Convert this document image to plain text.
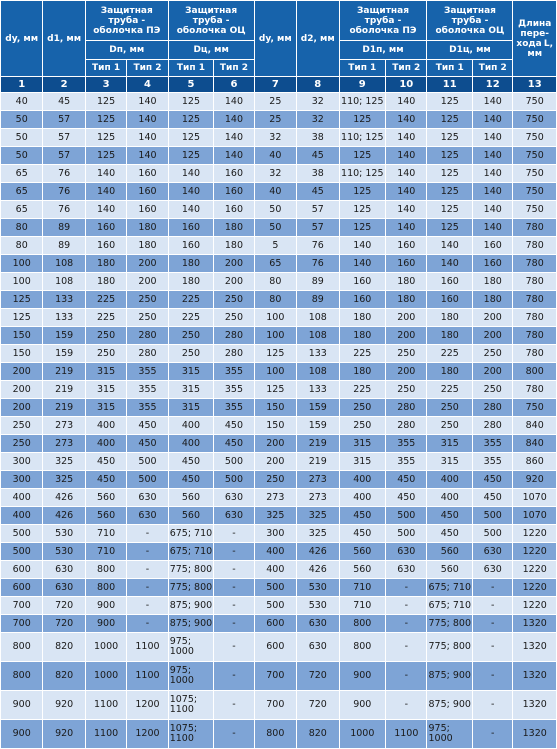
dy, мм	d1, мм	Защитная труба - оболочка ПЭ		Защитная труба - оболочка ОЦ		dy, мм	d2, мм	Защитная труба - оболочка ПЭ		Защитная труба - оболочка ОЦ		Длина пере- хода L, мм
		Dп, мм		Dц, мм				D1п, мм		D1ц, мм		
		Тип 1	Тип 2	Тип 1	Тип 2			Тип 1	Тип 2	Тип 1	Тип 2	
1	2	3	4	5	6	7	8	9	10	11	12	13
40	45	125	140	125	140	25	32	110; 125	140	125	140	750
50	57	125	140	125	140	25	32	125	140	125	140	750
50	57	125	140	125	140	32	38	110; 125	140	125	140	750
50	57	125	140	125	140	40	45	125	140	125	140	750
65	76	140	160	140	160	32	38	110; 125	140	125	140	750
65	76	140	160	140	160	40	45	125	140	125	140	750
65	76	140	160	140	160	50	57	125	140	125	140	750
80	89	160	180	160	180	50	57	125	140	125	140	780
80	89	160	180	160	180	5	76	140	160	140	160	780
100	108	180	200	180	200	65	76	140	160	140	160	780
100	108	180	200	180	200	80	89	160	180	160	180	780
125	133	225	250	225	250	80	89	160	180	160	180	780
125	133	225	250	225	250	100	108	180	200	180	200	780
150	159	250	280	250	280	100	108	180	200	180	200	780
150	159	250	280	250	280	125	133	225	250	225	250	780
200	219	315	355	315	355	100	108	180	200	180	200	800
200	219	315	355	315	355	125	133	225	250	225	250	780
200	219	315	355	315	355	150	159	250	280	250	280	750
250	273	400	450	400	450	150	159	250	280	250	280	840
250	273	400	450	400	450	200	219	315	355	315	355	840
300	325	450	500	450	500	200	219	315	355	315	355	860
300	325	450	500	450	500	250	273	400	450	400	450	920
400	426	560	630	560	630	273	273	400	450	400	450	1070
400	426	560	630	560	630	325	325	450	500	450	500	1070
500	530	710	-	675; 710	-	300	325	450	500	450	500	1220
500	530	710	-	675; 710	-	400	426	560	630	560	630	1220
600	630	800	-	775; 800	-	400	426	560	630	560	630	1220
600	630	800	-	775; 800	-	500	530	710	-	675; 710	-	1220
700	720	900	-	875; 900	-	500	530	710	-	675; 710	-	1220
700	720	900	-	875; 900	-	600	630	800	-	775; 800	-	1320
800	820	1000	1100	975; 1000	-	600	630	800	-	775; 800	-	1320
800	820	1000	1100	975; 1000	-	700	720	900	-	875; 900	-	1320
900	920	1100	1200	1075; 1100	-	700	720	900	-	875; 900	-	1320
900	920	1100	1200	1075; 1100	-	800	820	1000	1100	975; 1000	-	1320
